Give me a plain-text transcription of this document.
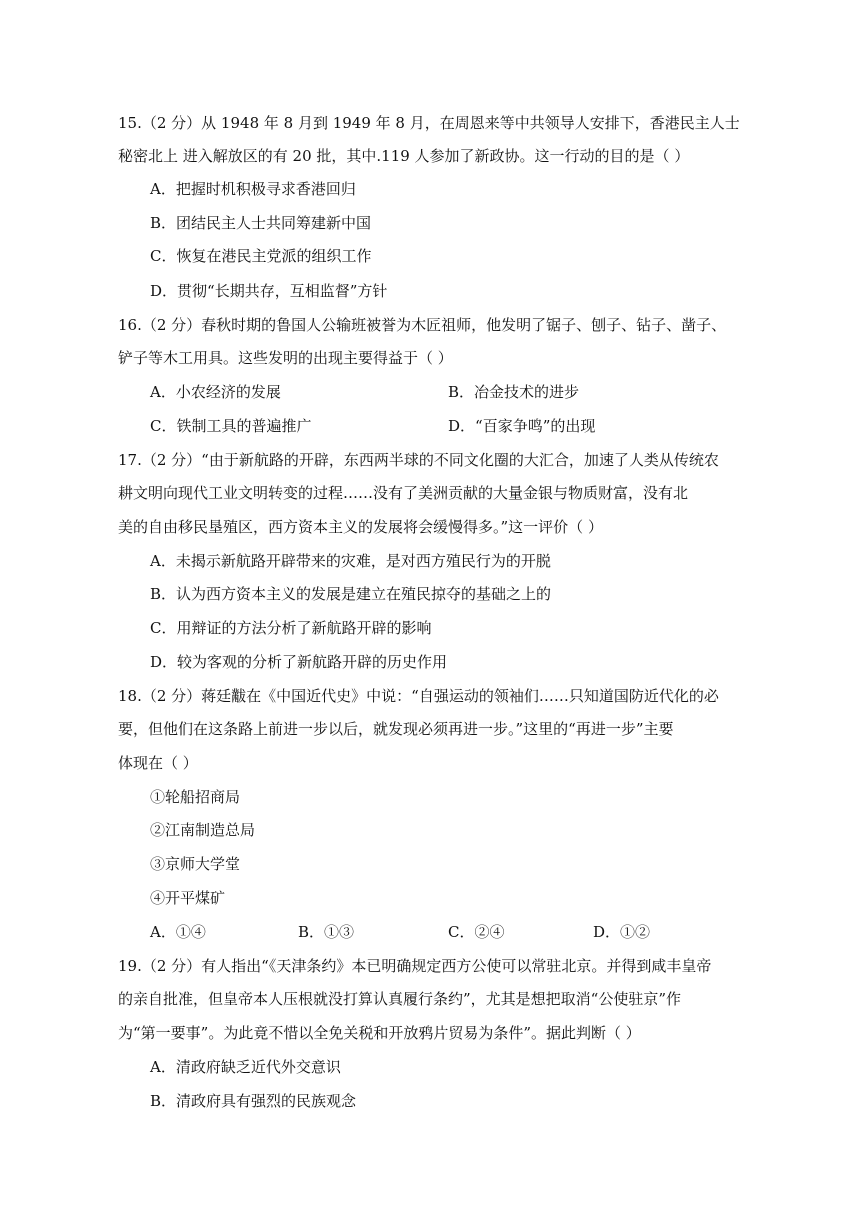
15.（2 分）从 1948 年 8 月到 1949 年 8 月，在周恩来等中共领导人安排下，香港民主人士
秘密北上 进入解放区的有 20 批，其中.119 人参加了新政协。这一行动的目的是（ ）
A．把握时机积极寻求香港回归
B．团结民主人士共同筹建新中国
C．恢复在港民主党派的组织工作
D．贯彻“长期共存，互相监督”方针
16.（2 分）春秋时期的鲁国人公输班被誉为木匠祖师，他发明了锯子、刨子、钻子、凿子、
铲子等木工用具。这些发明的出现主要得益于（ ）
A．小农经济的发展	B．冶金技术的进步
C．铁制工具的普遍推广	D．“百家争鸣”的出现
17.（2 分）“由于新航路的开辟，东西两半球的不同文化圈的大汇合，加速了人类从传统农
耕文明向现代工业文明转变的过程……没有了美洲贡献的大量金银与物质财富，没有北
美的自由移民垦殖区，西方资本主义的发展将会缓慢得多。”这一评价（ ）
A．未揭示新航路开辟带来的灾难，是对西方殖民行为的开脱
B．认为西方资本主义的发展是建立在殖民掠夺的基础之上的
C．用辩证的方法分析了新航路开辟的影响
D．较为客观的分析了新航路开辟的历史作用
18.（2 分）蒋廷黻在《中国近代史》中说：“自强运动的领袖们……只知道国防近代化的必
要，但他们在这条路上前进一步以后，就发现必须再进一步。”这里的“再进一步”主要
体现在（ ）
①轮船招商局
②江南制造总局
③京师大学堂
④开平煤矿
A．①④	B．①③	C．②④	D．①②
19.（2 分）有人指出“《天津条约》本已明确规定西方公使可以常驻北京。并得到咸丰皇帝
的亲自批准，但皇帝本人压根就没打算认真履行条约”，尤其是想把取消“公使驻京”作
为“第一要事”。为此竟不惜以全免关税和开放鸦片贸易为条件”。据此判断（ ）
A．清政府缺乏近代外交意识
B．清政府具有强烈的民族观念
